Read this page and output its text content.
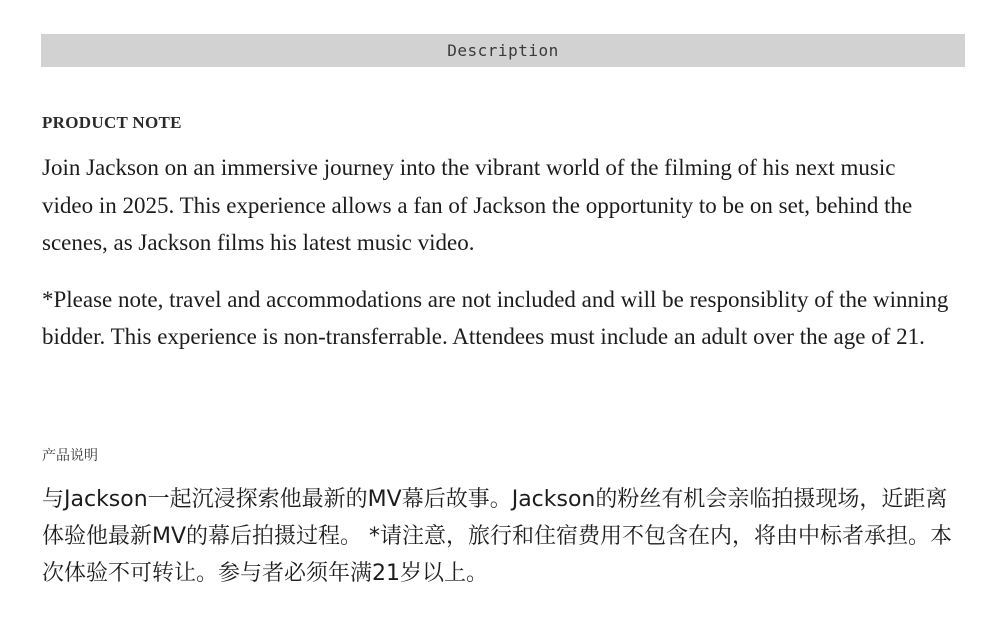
Description
PRODUCT NOTE

Join Jackson on an immersive journey into the vibrant world of the filming of his next music video in 2025. This experience allows a fan of Jackson the opportunity to be on set, behind the scenes, as Jackson films his latest music video.

*Please note, travel and accommodations are not included and will be responsiblity of the winning bidder. This experience is non-transferrable. Attendees must include an adult over the age of 21.

产品说明

与Jackson一起沉浸探索他最新的MV幕后故事。Jackson的粉丝有机会亲临拍摄现场，近距离体验他最新MV的幕后拍摄过程。 *请注意，旅行和住宿费用不包含在内，将由中标者承担。本次体验不可转让。参与者必须年满21岁以上。
